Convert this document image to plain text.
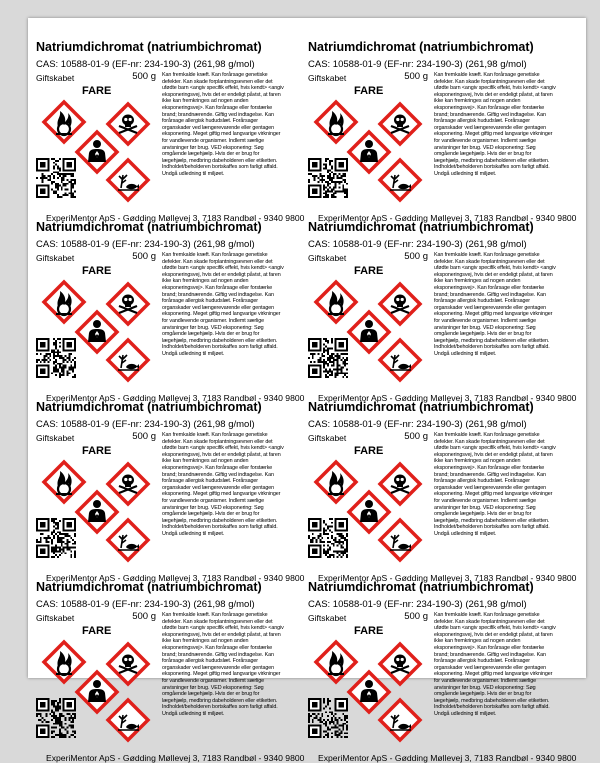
Natriumdichromat (natriumbichromat)
CAS: 10588-01-9 (EF-nr: 234-190-3) (261,98 g/mol)
Giftskabet	500 g
FARE
Kan fremkalde kræft. Kan forårsage genetiske defekter. Kan skade forplantningsevnen eller det ufødte barn <angiv specifik effekt, hvis kendt> <angiv eksponeringsvej, hvis det er endeligt påvist, at faren ikke kan fremkringes ad nogen anden eksponeringsvej>. Kan forårsage eller forstærke brand; brandnærende. Giftig ved indtagelse. Kan forårsage allergisk hududslæt. Forårsager organskader ved længerevarende eller gentagen eksponering. Meget giftig med langvarige virkninger for vandlevende organismer. Indlemt særlige anvisninger før brug. VED eksponering: Søg omgående lægehjælp. Hvis der er brug for lægehjælp, medbring dabeholderen eller etiketten. Indholdet/beholderen bortskaffes som farligt affald. Undgå udledning til miljøet.
ExperiMentor ApS - Gødding Møllevej 3, 7183 Randbøl - 9340 9800
Natriumdichromat (natriumbichromat)
CAS: 10588-01-9 (EF-nr: 234-190-3) (261,98 g/mol)
Giftskabet	500 g
FARE
Kan fremkalde kræft. Kan forårsage genetiske defekter. Kan skade forplantningsevnen eller det ufødte barn <angiv specifik effekt, hvis kendt> <angiv eksponeringsvej, hvis det er endeligt påvist, at faren ikke kan fremkringes ad nogen anden eksponeringsvej>. Kan forårsage eller forstærke brand; brandnærende. Giftig ved indtagelse. Kan forårsage allergisk hududslæt. Forårsager organskader ved længerevarende eller gentagen eksponering. Meget giftig med langvarige virkninger for vandlevende organismer. Indlemt særlige anvisninger før brug. VED eksponering: Søg omgående lægehjælp. Hvis der er brug for lægehjælp, medbring dabeholderen eller etiketten. Indholdet/beholderen bortskaffes som farligt affald. Undgå udledning til miljøet.
ExperiMentor ApS - Gødding Møllevej 3, 7183 Randbøl - 9340 9800
Natriumdichromat (natriumbichromat)
CAS: 10588-01-9 (EF-nr: 234-190-3) (261,98 g/mol)
Giftskabet	500 g
FARE
Kan fremkalde kræft. Kan forårsage genetiske defekter. Kan skade forplantningsevnen eller det ufødte barn <angiv specifik effekt, hvis kendt> <angiv eksponeringsvej, hvis det er endeligt påvist, at faren ikke kan fremkringes ad nogen anden eksponeringsvej>. Kan forårsage eller forstærke brand; brandnærende. Giftig ved indtagelse. Kan forårsage allergisk hududslæt. Forårsager organskader ved længerevarende eller gentagen eksponering. Meget giftig med langvarige virkninger for vandlevende organismer. Indlemt særlige anvisninger før brug. VED eksponering: Søg omgående lægehjælp. Hvis der er brug for lægehjælp, medbring dabeholderen eller etiketten. Indholdet/beholderen bortskaffes som farligt affald. Undgå udledning til miljøet.
ExperiMentor ApS - Gødding Møllevej 3, 7183 Randbøl - 9340 9800
Natriumdichromat (natriumbichromat)
CAS: 10588-01-9 (EF-nr: 234-190-3) (261,98 g/mol)
Giftskabet	500 g
FARE
Kan fremkalde kræft. Kan forårsage genetiske defekter. Kan skade forplantningsevnen eller det ufødte barn <angiv specifik effekt, hvis kendt> <angiv eksponeringsvej, hvis det er endeligt påvist, at faren ikke kan fremkringes ad nogen anden eksponeringsvej>. Kan forårsage eller forstærke brand; brandnærende. Giftig ved indtagelse. Kan forårsage allergisk hududslæt. Forårsager organskader ved længerevarende eller gentagen eksponering. Meget giftig med langvarige virkninger for vandlevende organismer. Indlemt særlige anvisninger før brug. VED eksponering: Søg omgående lægehjælp. Hvis der er brug for lægehjælp, medbring dabeholderen eller etiketten. Indholdet/beholderen bortskaffes som farligt affald. Undgå udledning til miljøet.
ExperiMentor ApS - Gødding Møllevej 3, 7183 Randbøl - 9340 9800
Natriumdichromat (natriumbichromat)
CAS: 10588-01-9 (EF-nr: 234-190-3) (261,98 g/mol)
Giftskabet	500 g
FARE
Kan fremkalde kræft. Kan forårsage genetiske defekter. Kan skade forplantningsevnen eller det ufødte barn <angiv specifik effekt, hvis kendt> <angiv eksponeringsvej, hvis det er endeligt påvist, at faren ikke kan fremkringes ad nogen anden eksponeringsvej>. Kan forårsage eller forstærke brand; brandnærende. Giftig ved indtagelse. Kan forårsage allergisk hududslæt. Forårsager organskader ved længerevarende eller gentagen eksponering. Meget giftig med langvarige virkninger for vandlevende organismer. Indlemt særlige anvisninger før brug. VED eksponering: Søg omgående lægehjælp. Hvis der er brug for lægehjælp, medbring dabeholderen eller etiketten. Indholdet/beholderen bortskaffes som farligt affald. Undgå udledning til miljøet.
ExperiMentor ApS - Gødding Møllevej 3, 7183 Randbøl - 9340 9800
Natriumdichromat (natriumbichromat)
CAS: 10588-01-9 (EF-nr: 234-190-3) (261,98 g/mol)
Giftskabet	500 g
FARE
Kan fremkalde kræft. Kan forårsage genetiske defekter. Kan skade forplantningsevnen eller det ufødte barn <angiv specifik effekt, hvis kendt> <angiv eksponeringsvej, hvis det er endeligt påvist, at faren ikke kan fremkringes ad nogen anden eksponeringsvej>. Kan forårsage eller forstærke brand; brandnærende. Giftig ved indtagelse. Kan forårsage allergisk hududslæt. Forårsager organskader ved længerevarende eller gentagen eksponering. Meget giftig med langvarige virkninger for vandlevende organismer. Indlemt særlige anvisninger før brug. VED eksponering: Søg omgående lægehjælp. Hvis der er brug for lægehjælp, medbring dabeholderen eller etiketten. Indholdet/beholderen bortskaffes som farligt affald. Undgå udledning til miljøet.
ExperiMentor ApS - Gødding Møllevej 3, 7183 Randbøl - 9340 9800
Natriumdichromat (natriumbichromat)
CAS: 10588-01-9 (EF-nr: 234-190-3) (261,98 g/mol)
Giftskabet	500 g
FARE
Kan fremkalde kræft. Kan forårsage genetiske defekter. Kan skade forplantningsevnen eller det ufødte barn <angiv specifik effekt, hvis kendt> <angiv eksponeringsvej, hvis det er endeligt påvist, at faren ikke kan fremkringes ad nogen anden eksponeringsvej>. Kan forårsage eller forstærke brand; brandnærende. Giftig ved indtagelse. Kan forårsage allergisk hududslæt. Forårsager organskader ved længerevarende eller gentagen eksponering. Meget giftig med langvarige virkninger for vandlevende organismer. Indlemt særlige anvisninger før brug. VED eksponering: Søg omgående lægehjælp. Hvis der er brug for lægehjælp, medbring dabeholderen eller etiketten. Indholdet/beholderen bortskaffes som farligt affald. Undgå udledning til miljøet.
ExperiMentor ApS - Gødding Møllevej 3, 7183 Randbøl - 9340 9800
Natriumdichromat (natriumbichromat)
CAS: 10588-01-9 (EF-nr: 234-190-3) (261,98 g/mol)
Giftskabet	500 g
FARE
Kan fremkalde kræft. Kan forårsage genetiske defekter. Kan skade forplantningsevnen eller det ufødte barn <angiv specifik effekt, hvis kendt> <angiv eksponeringsvej, hvis det er endeligt påvist, at faren ikke kan fremkringes ad nogen anden eksponeringsvej>. Kan forårsage eller forstærke brand; brandnærende. Giftig ved indtagelse. Kan forårsage allergisk hududslæt. Forårsager organskader ved længerevarende eller gentagen eksponering. Meget giftig med langvarige virkninger for vandlevende organismer. Indlemt særlige anvisninger før brug. VED eksponering: Søg omgående lægehjælp. Hvis der er brug for lægehjælp, medbring dabeholderen eller etiketten. Indholdet/beholderen bortskaffes som farligt affald. Undgå udledning til miljøet.
ExperiMentor ApS - Gødding Møllevej 3, 7183 Randbøl - 9340 9800
